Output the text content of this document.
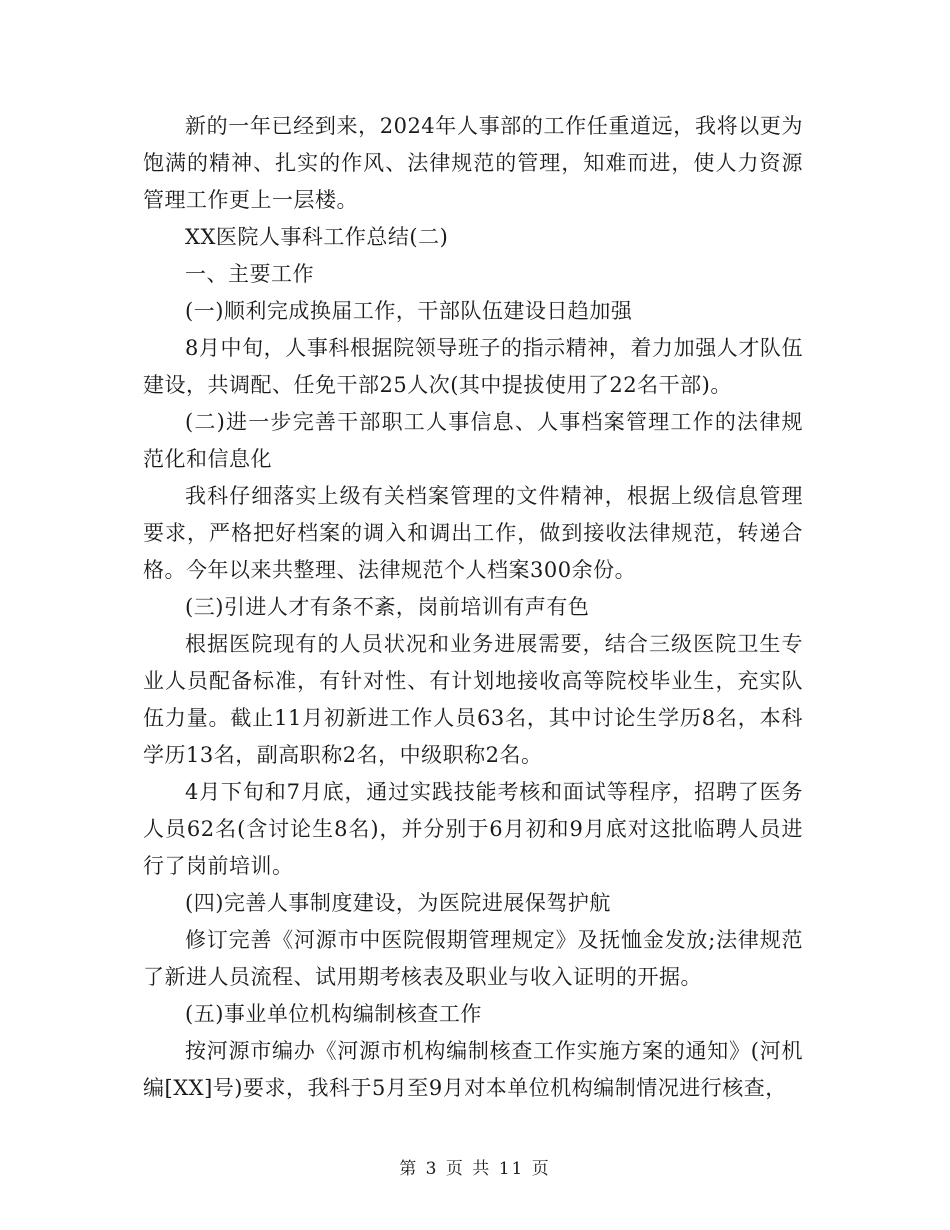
新的一年已经到来，2024年人事部的工作任重道远，我将以更为饱满的精神、扎实的作风、法律规范的管理，知难而进，使人力资源管理工作更上一层楼。

XX医院人事科工作总结(二)

一、主要工作

(一)顺利完成换届工作，干部队伍建设日趋加强

8月中旬，人事科根据院领导班子的指示精神，着力加强人才队伍建设，共调配、任免干部25人次(其中提拔使用了22名干部)。

(二)进一步完善干部职工人事信息、人事档案管理工作的法律规范化和信息化

我科仔细落实上级有关档案管理的文件精神，根据上级信息管理要求，严格把好档案的调入和调出工作，做到接收法律规范，转递合格。今年以来共整理、法律规范个人档案300余份。

(三)引进人才有条不紊，岗前培训有声有色

根据医院现有的人员状况和业务进展需要，结合三级医院卫生专业人员配备标准，有针对性、有计划地接收高等院校毕业生，充实队伍力量。截止11月初新进工作人员63名，其中讨论生学历8名，本科学历13名，副高职称2名，中级职称2名。

4月下旬和7月底，通过实践技能考核和面试等程序，招聘了医务人员62名(含讨论生8名)，并分别于6月初和9月底对这批临聘人员进行了岗前培训。

(四)完善人事制度建设，为医院进展保驾护航

修订完善《河源市中医院假期管理规定》及抚恤金发放;法律规范了新进人员流程、试用期考核表及职业与收入证明的开据。

(五)事业单位机构编制核查工作

按河源市编办《河源市机构编制核查工作实施方案的通知》(河机编[XX]号)要求，我科于5月至9月对本单位机构编制情况进行核查，

第 3 页 共 11 页
